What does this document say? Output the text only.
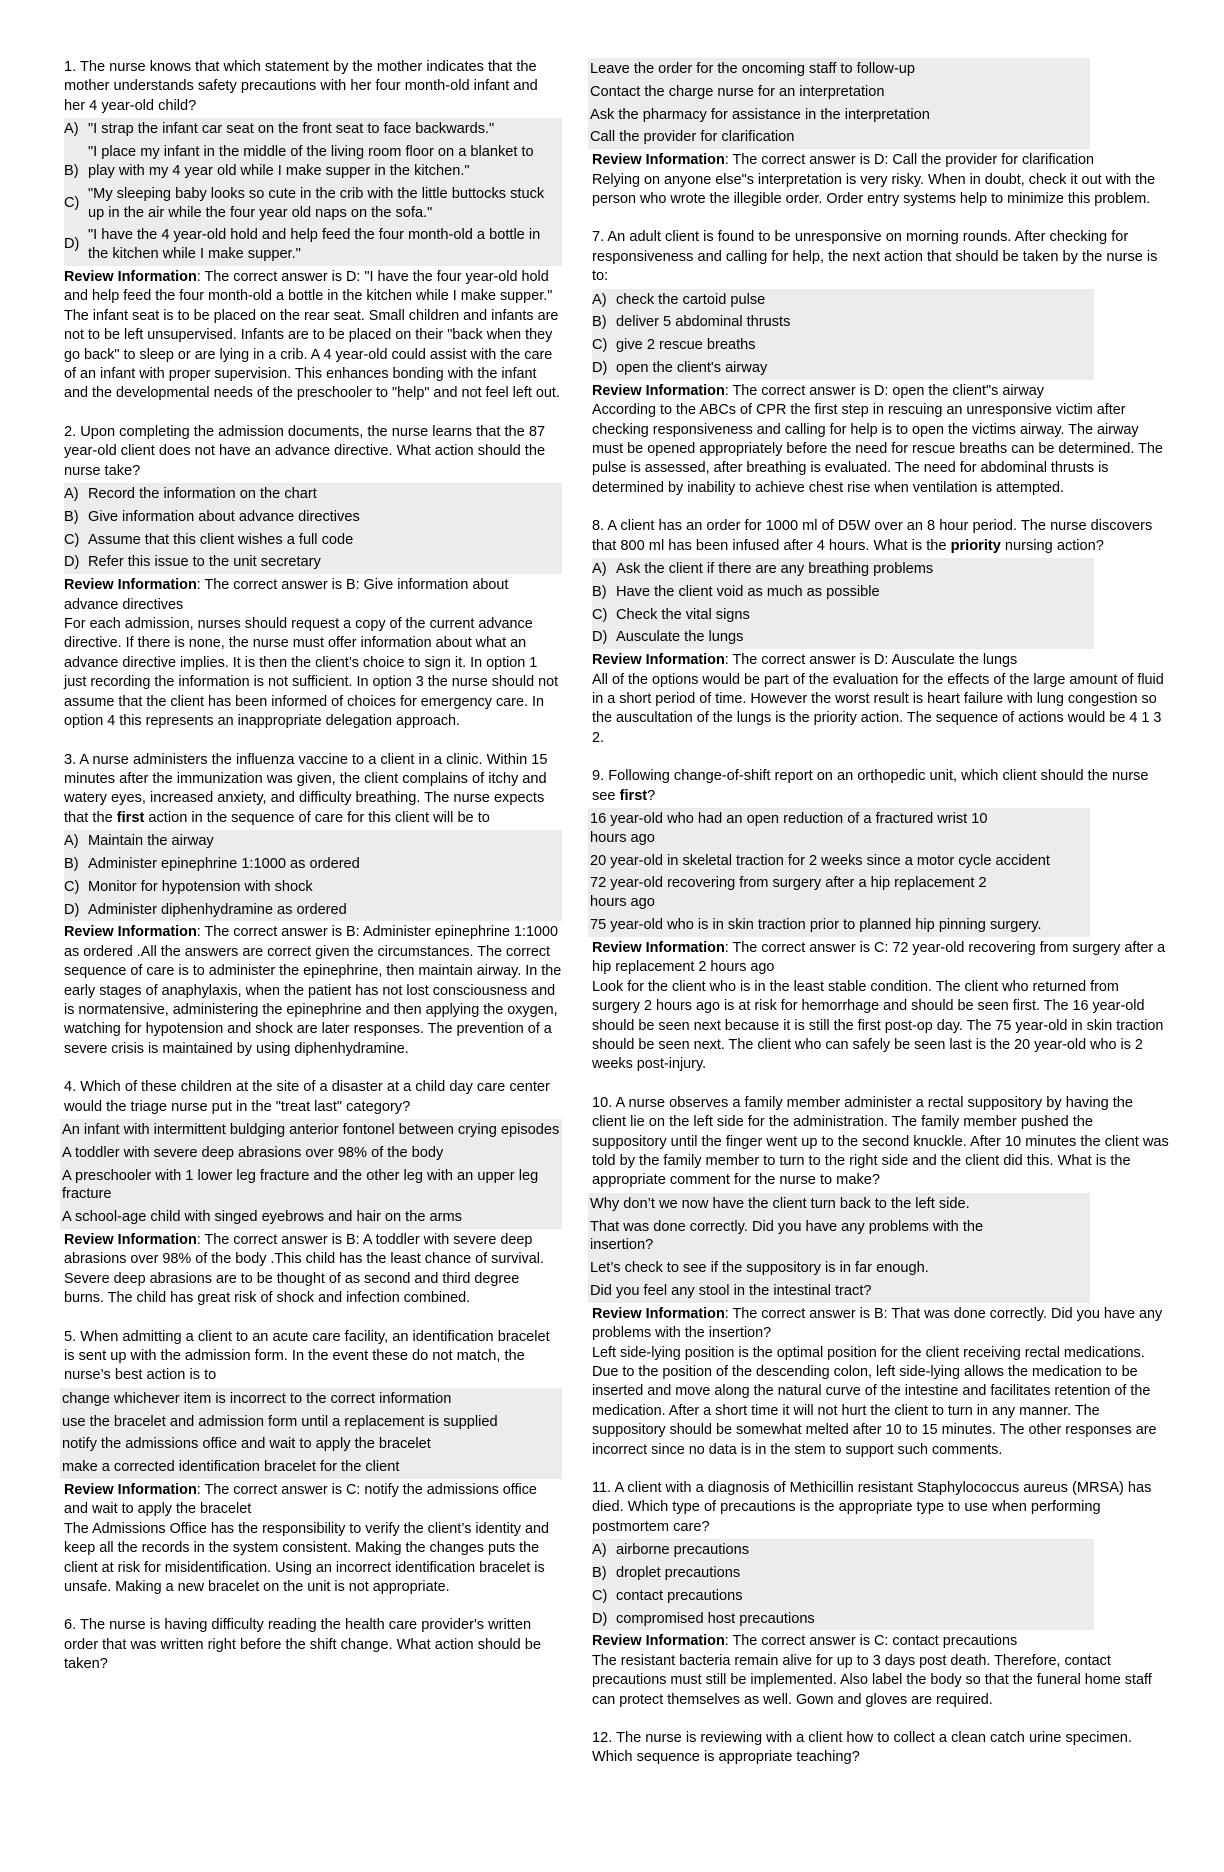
1. The nurse knows that which statement by the mother indicates that the mother understands safety precautions with her four month-old infant and her 4 year-old child?
A) "I strap the infant car seat on the front seat to face backwards."
B)
"I place my infant in the middle of the living room floor on a blanket to play with my 4 year old while I make supper in the kitchen."
C)
"My sleeping baby looks so cute in the crib with the little buttocks stuck up in the air while the four year old naps on the sofa."
D)
"I have the 4 year-old hold and help feed the four month-old a bottle in the kitchen while I make supper."
Review Information: The correct answer is D: "I have the four year-old hold and help feed the four month-old a bottle in the kitchen while I make supper." The infant seat is to be placed on the rear seat. Small children and infants are not to be left unsupervised. Infants are to be placed on their "back when they go back" to sleep or are lying in a crib. A 4 year-old could assist with the care of an infant with proper supervision. This enhances bonding with the infant and the developmental needs of the preschooler to "help" and not feel left out.
2. Upon completing the admission documents, the nurse learns that the 87 year-old client does not have an advance directive. What action should the nurse take?
A) Record the information on the chart
B) Give information about advance directives
C) Assume that this client wishes a full code
D) Refer this issue to the unit secretary
Review Information: The correct answer is B: Give information about advance directives
For each admission, nurses should request a copy of the current advance directive. If there is none, the nurse must offer information about what an advance directive implies. It is then the client’s choice to sign it. In option 1 just recording the information is not sufficient. In option 3 the nurse should not assume that the client has been informed of choices for emergency care. In option 4 this represents an inappropriate delegation approach.
3. A nurse administers the influenza vaccine to a client in a clinic. Within 15 minutes after the immunization was given, the client complains of itchy and watery eyes, increased anxiety, and difficulty breathing. The nurse expects that the first action in the sequence of care for this client will be to
A) Maintain the airway
B) Administer epinephrine 1:1000 as ordered
C) Monitor for hypotension with shock
D) Administer diphenhydramine as ordered
Review Information: The correct answer is B: Administer epinephrine 1:1000 as ordered .All the answers are correct given the circumstances. The correct sequence of care is to administer the epinephrine, then maintain airway. In the early stages of anaphylaxis, when the patient has not lost consciousness and is normatensive, administering the epinephrine and then applying the oxygen, watching for hypotension and shock are later responses. The prevention of a severe crisis is maintained by using diphenhydramine.
4. Which of these children at the site of a disaster at a child day care center would the triage nurse put in the "treat last" category?
An infant with intermittent buldging anterior fontonel between crying episodes
A toddler with severe deep abrasions over 98% of the body
A preschooler with 1 lower leg fracture and the other leg with an upper leg fracture
A school-age child with singed eyebrows and hair on the arms
Review Information: The correct answer is B: A toddler with severe deep abrasions over 98% of the body .This child has the least chance of survival. Severe deep abrasions are to be thought of as second and third degree burns. The child has great risk of shock and infection combined.
5. When admitting a client to an acute care facility, an identification bracelet is sent up with the admission form. In the event these do not match, the nurse’s best action is to
change whichever item is incorrect to the correct information
use the bracelet and admission form until a replacement is supplied
notify the admissions office and wait to apply the bracelet
make a corrected identification bracelet for the client
Review Information: The correct answer is C: notify the admissions office and wait to apply the bracelet
The Admissions Office has the responsibility to verify the client’s identity and keep all the records in the system consistent. Making the changes puts the client at risk for misidentification. Using an incorrect identification bracelet is unsafe. Making a new bracelet on the unit is not appropriate.
6. The nurse is having difficulty reading the health care provider's written order that was written right before the shift change. What action should be taken?
Leave the order for the oncoming staff to follow-up
Contact the charge nurse for an interpretation
Ask the pharmacy for assistance in the interpretation
Call the provider for clarification
Review Information: The correct answer is D: Call the provider for clarification
Relying on anyone else"s interpretation is very risky. When in doubt, check it out with the person who wrote the illegible order. Order entry systems help to minimize this problem.
7. An adult client is found to be unresponsive on morning rounds. After checking for responsiveness and calling for help, the next action that should be taken by the nurse is to:
A) check the cartoid pulse
B) deliver 5 abdominal thrusts
C) give 2 rescue breaths
D) open the client's airway
Review Information: The correct answer is D: open the client"s airway
According to the ABCs of CPR the first step in rescuing an unresponsive victim after checking responsiveness and calling for help is to open the victims airway. The airway must be opened appropriately before the need for rescue breaths can be determined. The pulse is assessed, after breathing is evaluated. The need for abdominal thrusts is determined by inability to achieve chest rise when ventilation is attempted.
8. A client has an order for 1000 ml of D5W over an 8 hour period. The nurse discovers that 800 ml has been infused after 4 hours. What is the priority nursing action?
A) Ask the client if there are any breathing problems
B) Have the client void as much as possible
C) Check the vital signs
D) Ausculate the lungs
Review Information: The correct answer is D: Ausculate the lungs
All of the options would be part of the evaluation for the effects of the large amount of fluid in a short period of time. However the worst result is heart failure with lung congestion so the auscultation of the lungs is the priority action. The sequence of actions would be 4 1 3 2.
9. Following change-of-shift report on an orthopedic unit, which client should the nurse see first?
16 year-old who had an open reduction of a fractured wrist 10 hours ago
20 year-old in skeletal traction for 2 weeks since a motor cycle accident
72 year-old recovering from surgery after a hip replacement 2 hours ago
75 year-old who is in skin traction prior to planned hip pinning surgery.
Review Information: The correct answer is C: 72 year-old recovering from surgery after a hip replacement 2 hours ago
Look for the client who is in the least stable condition. The client who returned from surgery 2 hours ago is at risk for hemorrhage and should be seen first. The 16 year-old should be seen next because it is still the first post-op day. The 75 year-old in skin traction should be seen next. The client who can safely be seen last is the 20 year-old who is 2 weeks post-injury.
10. A nurse observes a family member administer a rectal suppository by having the client lie on the left side for the administration. The family member pushed the suppository until the finger went up to the second knuckle. After 10 minutes the client was told by the family member to turn to the right side and the client did this. What is the appropriate comment for the nurse to make?
Why don’t we now have the client turn back to the left side.
That was done correctly. Did you have any problems with the insertion?
Let’s check to see if the suppository is in far enough.
Did you feel any stool in the intestinal tract?
Review Information: The correct answer is B: That was done correctly. Did you have any problems with the insertion?
Left side-lying position is the optimal position for the client receiving rectal medications. Due to the position of the descending colon, left side-lying allows the medication to be inserted and move along the natural curve of the intestine and facilitates retention of the medication. After a short time it will not hurt the client to turn in any manner. The suppository should be somewhat melted after 10 to 15 minutes. The other responses are incorrect since no data is in the stem to support such comments.
11. A client with a diagnosis of Methicillin resistant Staphylococcus aureus (MRSA) has died. Which type of precautions is the appropriate type to use when performing postmortem care?
A) airborne precautions
B) droplet precautions
C) contact precautions
D) compromised host precautions
Review Information: The correct answer is C: contact precautions
The resistant bacteria remain alive for up to 3 days post death. Therefore, contact precautions must still be implemented. Also label the body so that the funeral home staff can protect themselves as well. Gown and gloves are required.
12. The nurse is reviewing with a client how to collect a clean catch urine specimen. Which sequence is appropriate teaching?
